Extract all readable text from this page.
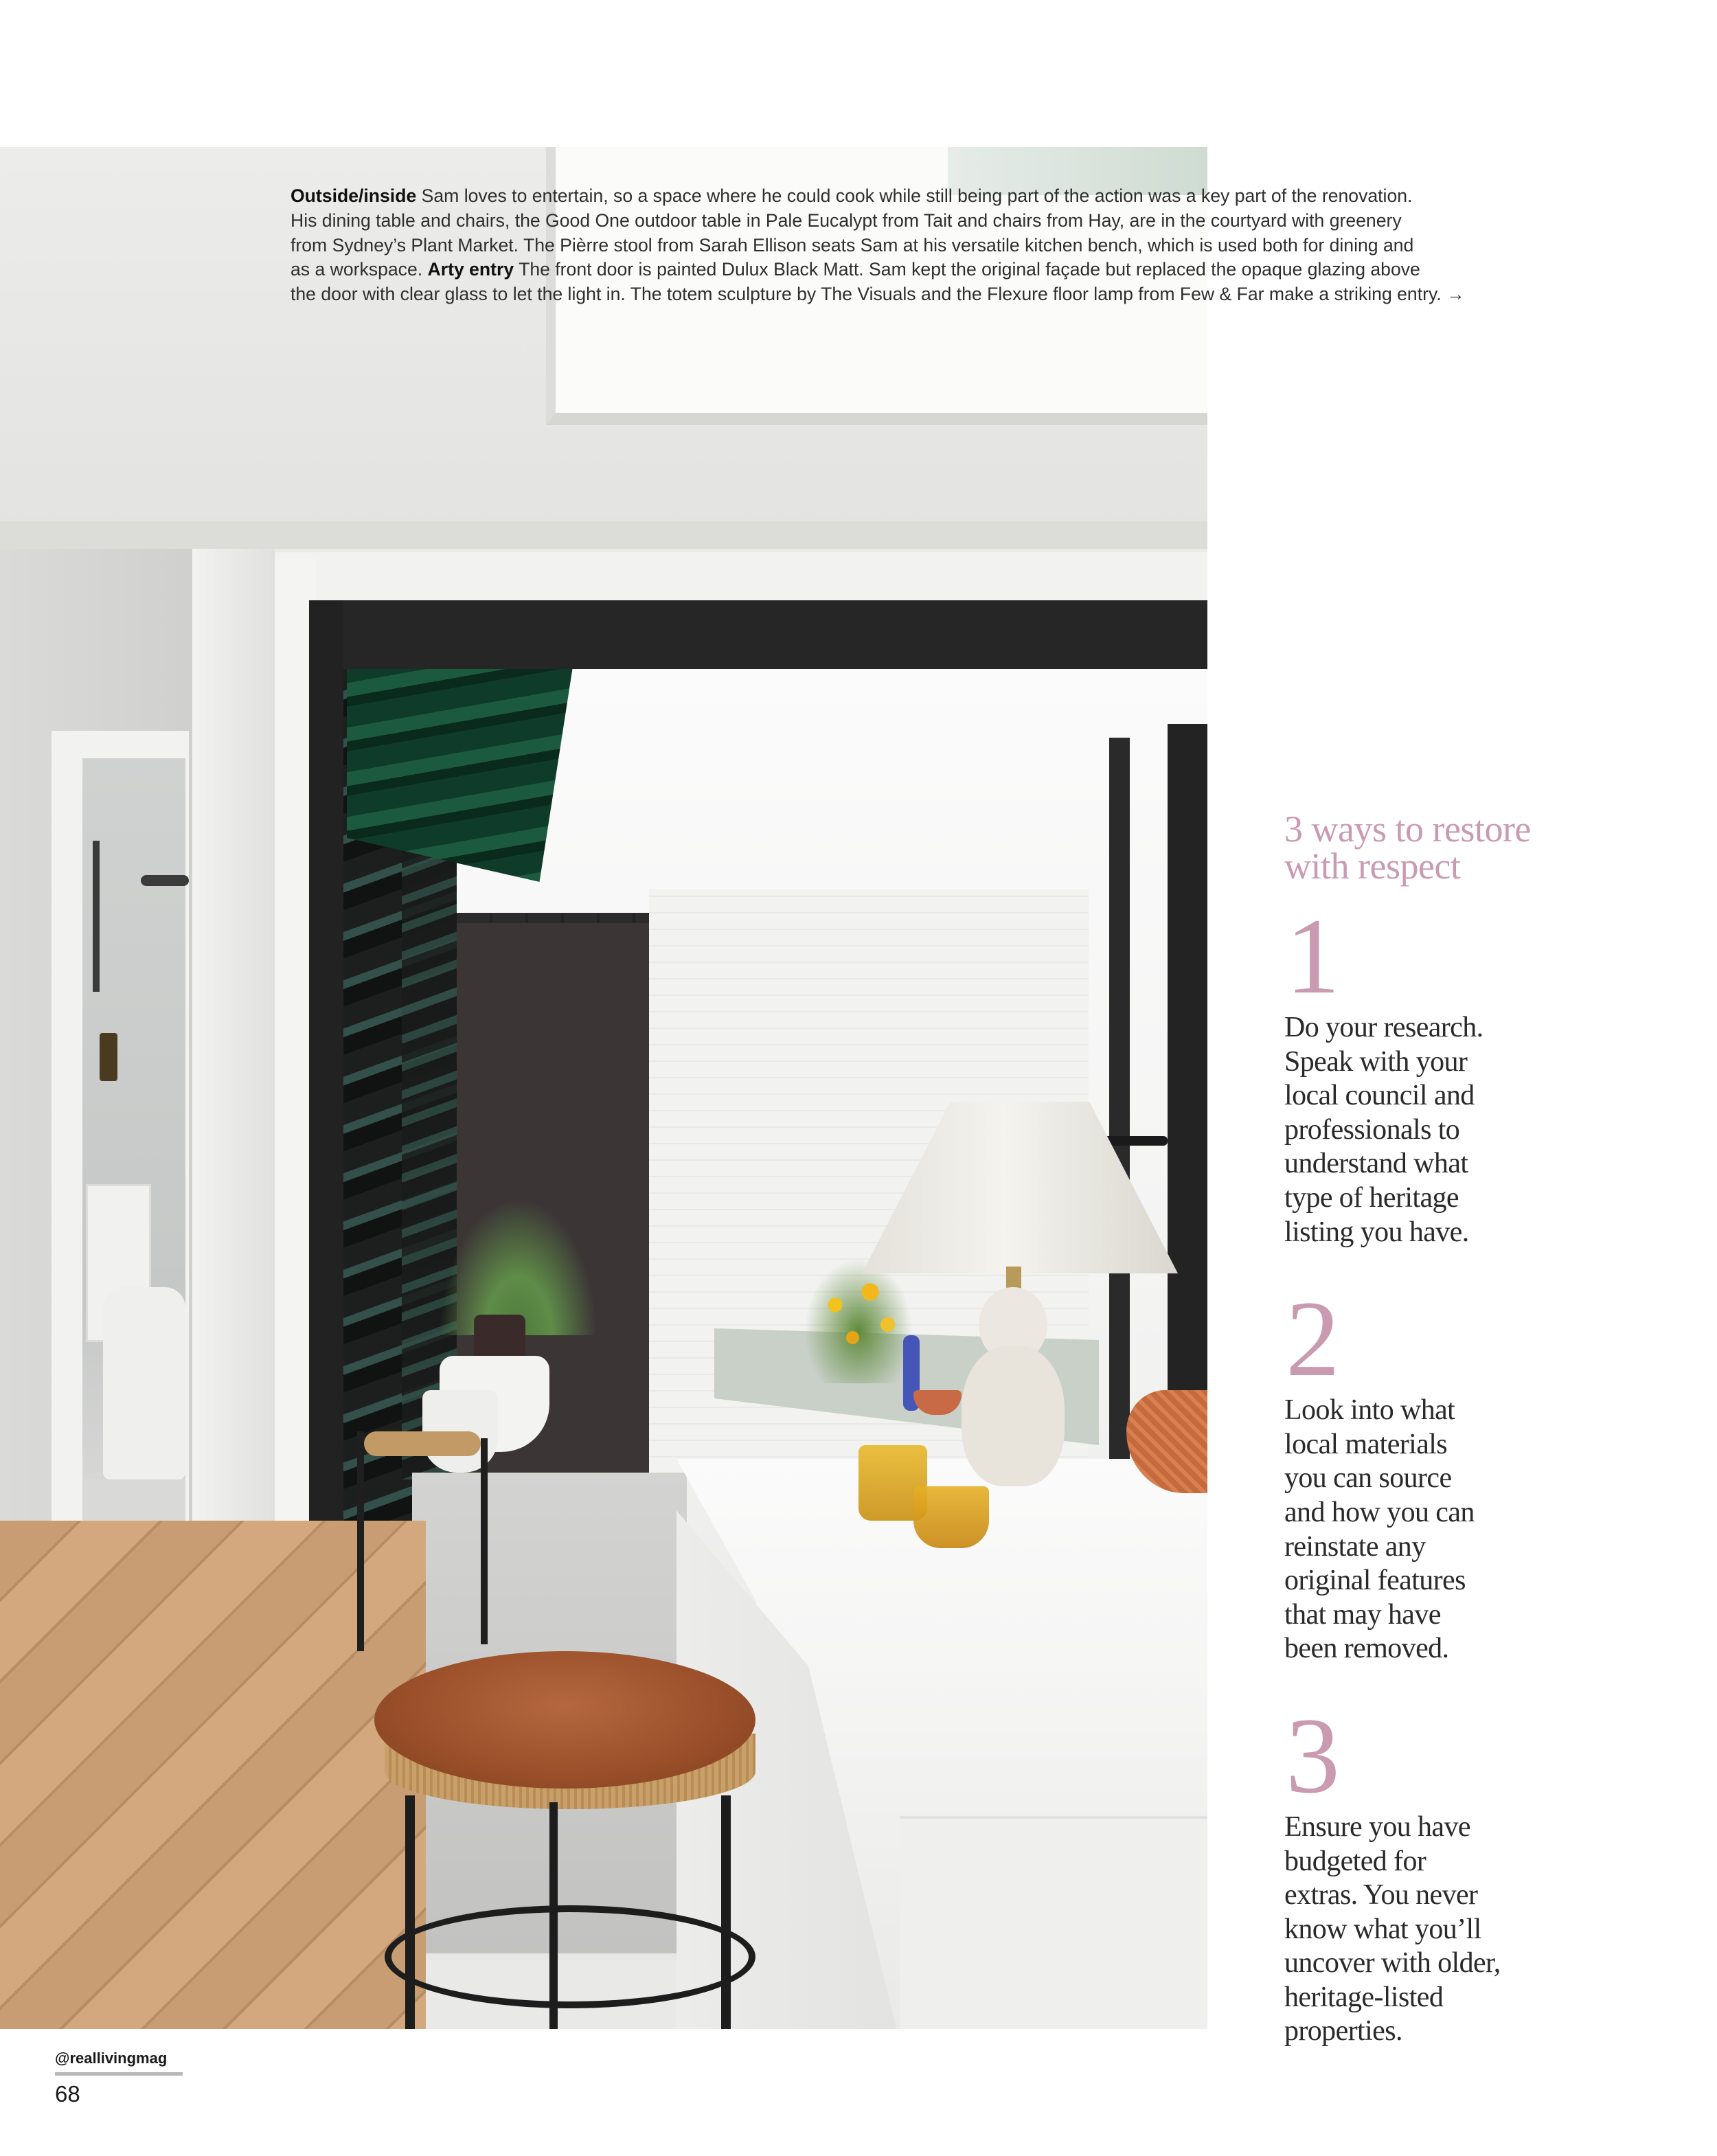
Outside/inside Sam loves to entertain, so a space where he could cook while still being part of the action was a key part of the renovation.
His dining table and chairs, the Good One outdoor table in Pale Eucalypt from Tait and chairs from Hay, are in the courtyard with greenery
from Sydney’s Plant Market. The Pièrre stool from Sarah Ellison seats Sam at his versatile kitchen bench, which is used both for dining and
as a workspace. Arty entry The front door is painted Dulux Black Matt. Sam kept the original façade but replaced the opaque glazing above
the door with clear glass to let the light in. The totem sculpture by The Visuals and the Flexure floor lamp from Few & Far make a striking entry. →
3 ways to restore
with respect
1
Do your research.
Speak with your
local council and
professionals to
understand what
type of heritage
listing you have.
2
Look into what
local materials
you can source
and how you can
reinstate any
original features
that may have
been removed.
3
Ensure you have
budgeted for
extras. You never
know what you’ll
uncover with older,
heritage-listed
properties.
@reallivingmag
68
